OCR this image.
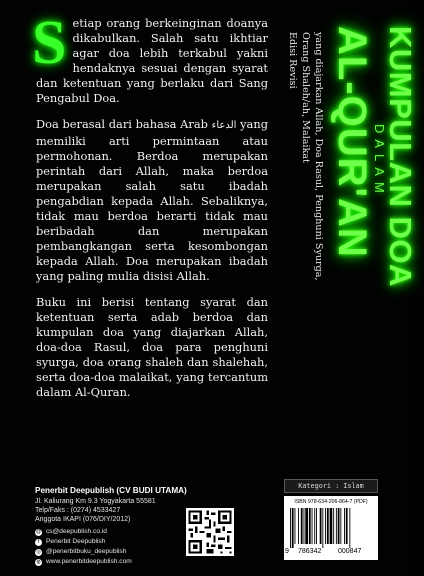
Setiap orang berkeinginan doanya dikabulkan. Salah satu ikhtiar agar doa lebih terkabul yakni hendaknya sesuai dengan syarat dan ketentuan yang berlaku dari Sang Pengabul Doa.

Doa berasal dari bahasa Arab الدعاء yang memiliki arti permintaan atau permohonan. Berdoa merupakan perintah dari Allah, maka berdoa merupakan salah satu ibadah pengabdian kepada Allah. Sebaliknya, tidak mau berdoa berarti tidak mau beribadah dan merupakan pembangkangan serta kesombongan kepada Allah. Doa merupakan ibadah yang paling mulia disisi Allah.

Buku ini berisi tentang syarat dan ketentuan serta adab berdoa dan kumpulan doa yang diajarkan Allah, doa-doa Rasul, doa para penghuni syurga, doa orang shaleh dan shalehah, serta doa-doa malaikat, yang tercantum dalam Al-Quran.

KUMPULAN DOA
DALAM
AL-QUR'AN
yang diajarkan Allah, Doa Rasul, Penghuni Syurga,
Orang Shaleh/ah, Malaikat
Edisi Revisi
Penerbit Deepublish (CV BUDI UTAMA)
Jl. Kaliurang Km 9.3 Yogyakarta 55581
Telp/Faks : (0274) 4533427
Anggota IKAPI (076/DIY/2012)
@ cs@deepublish.co.id
f	Penerbit Deepublish
◎ @penerbitbuku_deepublish
◍ www.penerbitdeepublish.com
Kategori : Islam
ISBN 978-634-206-864-7 (PDF)
9 786342 000847
